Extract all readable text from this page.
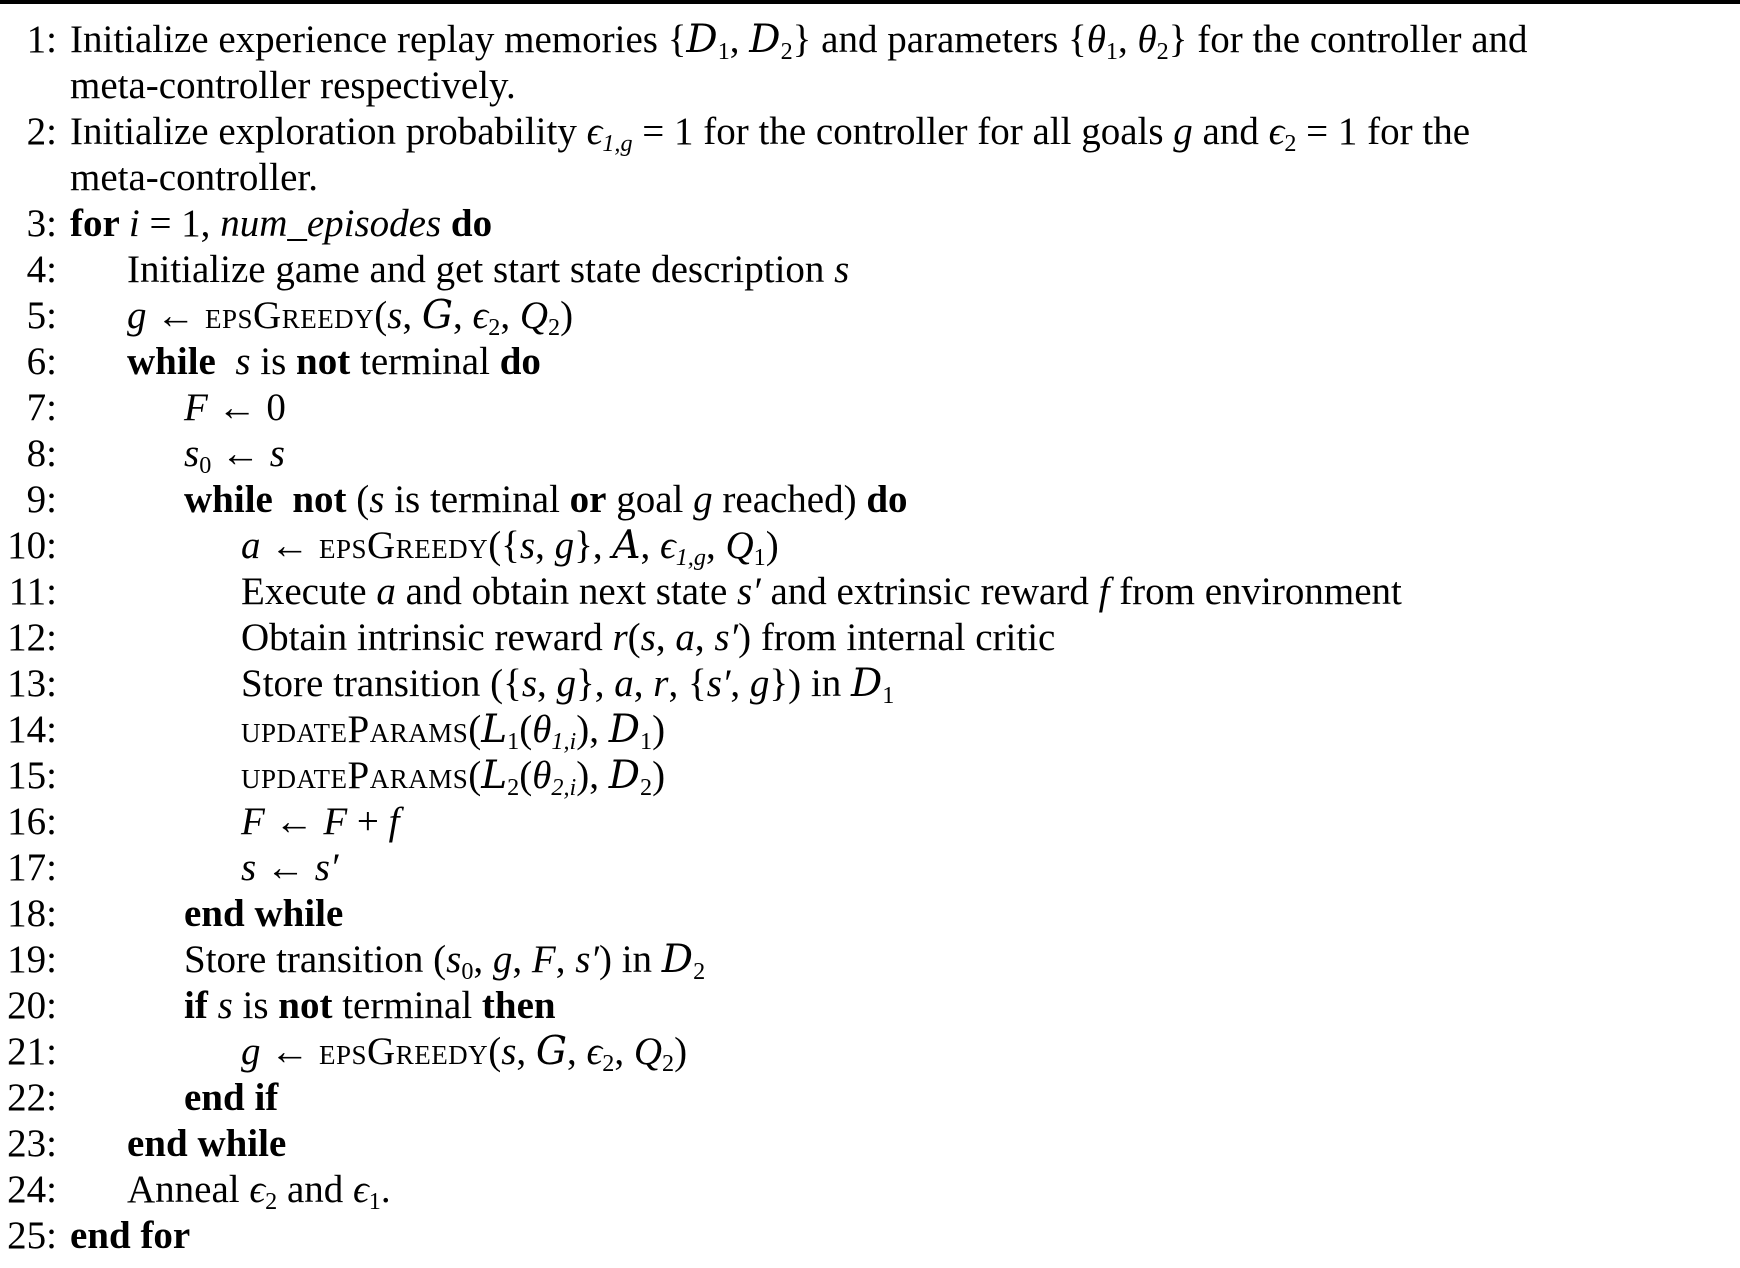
1: Initialize experience replay memories {$D_1$, $D_2$} and parameters {$\theta_1$, $\theta_2$} for the controller and
meta-controller respectively.
2: Initialize exploration probability $\epsilon_{1,g} = 1$ for the controller for all goals g and $\epsilon_2 = 1$ for the
meta-controller.
3: for i = 1, num_episodes do
4:	Initialize game and get start state description s
5:	g ← epsGreedy(s, G, $\epsilon_2$, $Q_2$)
6:	while  s is not terminal do
7:	F ← 0
8:	$s_0$ ← s
9:	while  not (s is terminal or goal g reached) do
10:	a ← epsGreedy({s, g}, A, $\epsilon_{1,g}$, $Q_1$)
11:	Execute a and obtain next state s′ and extrinsic reward f from environment
12:	Obtain intrinsic reward r(s, a, s′) from internal critic
13:	Store transition ({s, g}, a, r, {s′, g}) in $D_1$
14:	$updateParams(L_1(\theta_{1,i})$, $D_1$)
15:	$updateParams(L_2(\theta_{2,i})$, $D_2$)
16:	F ← F + f
17:	s ← s′
18:	end while
19:	Store transition ($s_0$, g, F, s′) in $D_2$
20:	if s is not terminal then
21:	g ← epsGreedy(s, G, $\epsilon_2$, $Q_2$)
22:	end if
23:	end while
24:	Anneal $\epsilon_2$ and $\epsilon_1$.
25: end for
